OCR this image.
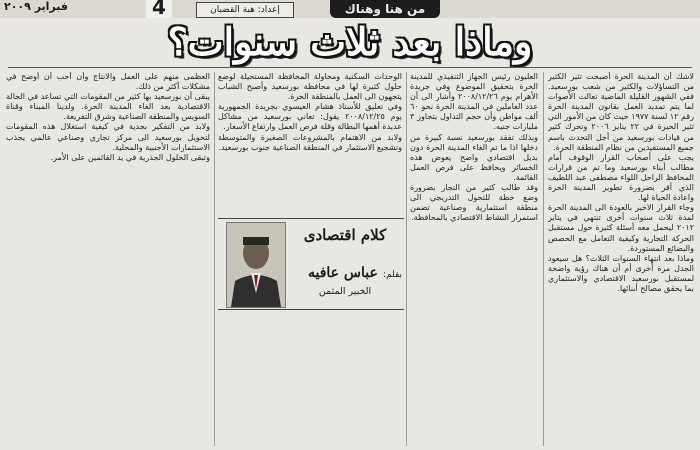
فبراير ٢٠٠٩	4	إعداد: هبة القضبان	من هنا وهناك
وماذا بعد ثلاث سنوات؟

لاشك أن المدينة الحرة أصبحت تثير الكثير من التساؤلات والكثير من شعب بورسعيد. ففي الشهور القليلة الماضية تعالت الأصوات لما يتم تمديد العمل بقانون المدينة الحرة رقم ١٢ لسنة ١٩٧٧ حيث كان من الأمور التي تثير الحيرة في ٢٢ يناير ٢٠٠٦ وتحرك كثير من قيادات بورسعيد من أجل التحدث باسم جميع المستفيدين من نظام المنطقة الحرة.

يجب على أصحاب القرار الوقوف أمام مطالب أبناء بورسعيد وما تم من قرارات المحافظ الراحل اللواء مصطفى عبد اللطيف الذي أقر بضرورة تطوير المدينة الحرة واعادة الحياة لها.

وجاء القرار الاخير بالعودة الى المدينة الحرة لمدة ثلاث سنوات أخرى تنتهي في يناير ٢٠١٢ ليحمل معه أسئلة كثيرة حول مستقبل الحركة التجارية وكيفية التعامل مع الحصص والبضائع المستوردة.

وماذا بعد انتهاء السنوات الثلاث؟ هل سيعود الجدل مرة أخرى أم أن هناك رؤية واضحة لمستقبل بورسعيد الاقتصادي والاستثماري بما يحقق مصالح أبنائها.

العليون رئيس الجهاز التنفيذي للمدينة الحرة بتحقيق الموضوع وفي جريدة الأهرام يوم ٢٠٠٨/١٢/٢٦ وأشار الى أن عدد العاملين في المدينة الحرة نحو ٦٠ ألف مواطن وأن حجم التداول يتجاوز ٣ مليارات جنيه.

وبذلك تفقد بورسعيد نسبة كبيرة من دخلها اذا ما تم الغاء المدينة الحرة دون بديل اقتصادي واضح يعوض هذه الخسائر ويحافظ على فرص العمل القائمة.

وقد طالب كثير من التجار بضرورة وضع خطة للتحول التدريجي الى منطقة استثمارية وصناعية تضمن استمرار النشاط الاقتصادي بالمحافظة.

الوحدات السكنية ومحاولة المحافظة المستحيلة لوضع حلول كثيرة لها في محافظة بورسعيد وأصبح الشباب يتجهون الى العمل بالمنطقة الحرة.

وفي تعليق للأستاذ هشام العيسوي بجريدة الجمهورية يوم ٢٠٠٨/١٢/٢٥ يقول: تعاني بورسعيد من مشاكل عديدة أهمها البطالة وقلة فرص العمل وارتفاع الأسعار.

ولابد من الاهتمام بالمشروعات الصغيرة والمتوسطة وتشجيع الاستثمار في المنطقة الصناعية جنوب بورسعيد.

كلام اقتصادى
بقلم: عباس عافيه
الخبير المثمن

العظمى منهم على العمل والانتاج وأن أحب أن أوضح في مشكلات أكثر من ذلك.

يبقى أن بورسعيد بها كثير من المقومات التي تساعد في الحالة الاقتصادية بعد الغاء المدينة الحرة. ولدينا الميناء وقناة السويس والمنطقة الصناعية وشرق التفريعة.

ولابد من التفكير بجدية في كيفية استغلال هذه المقومات لتحويل بورسعيد الى مركز تجاري وصناعي عالمي يجذب الاستثمارات الأجنبية والمحلية.

وتبقى الحلول الجذرية في يد القائمين على الأمر.
